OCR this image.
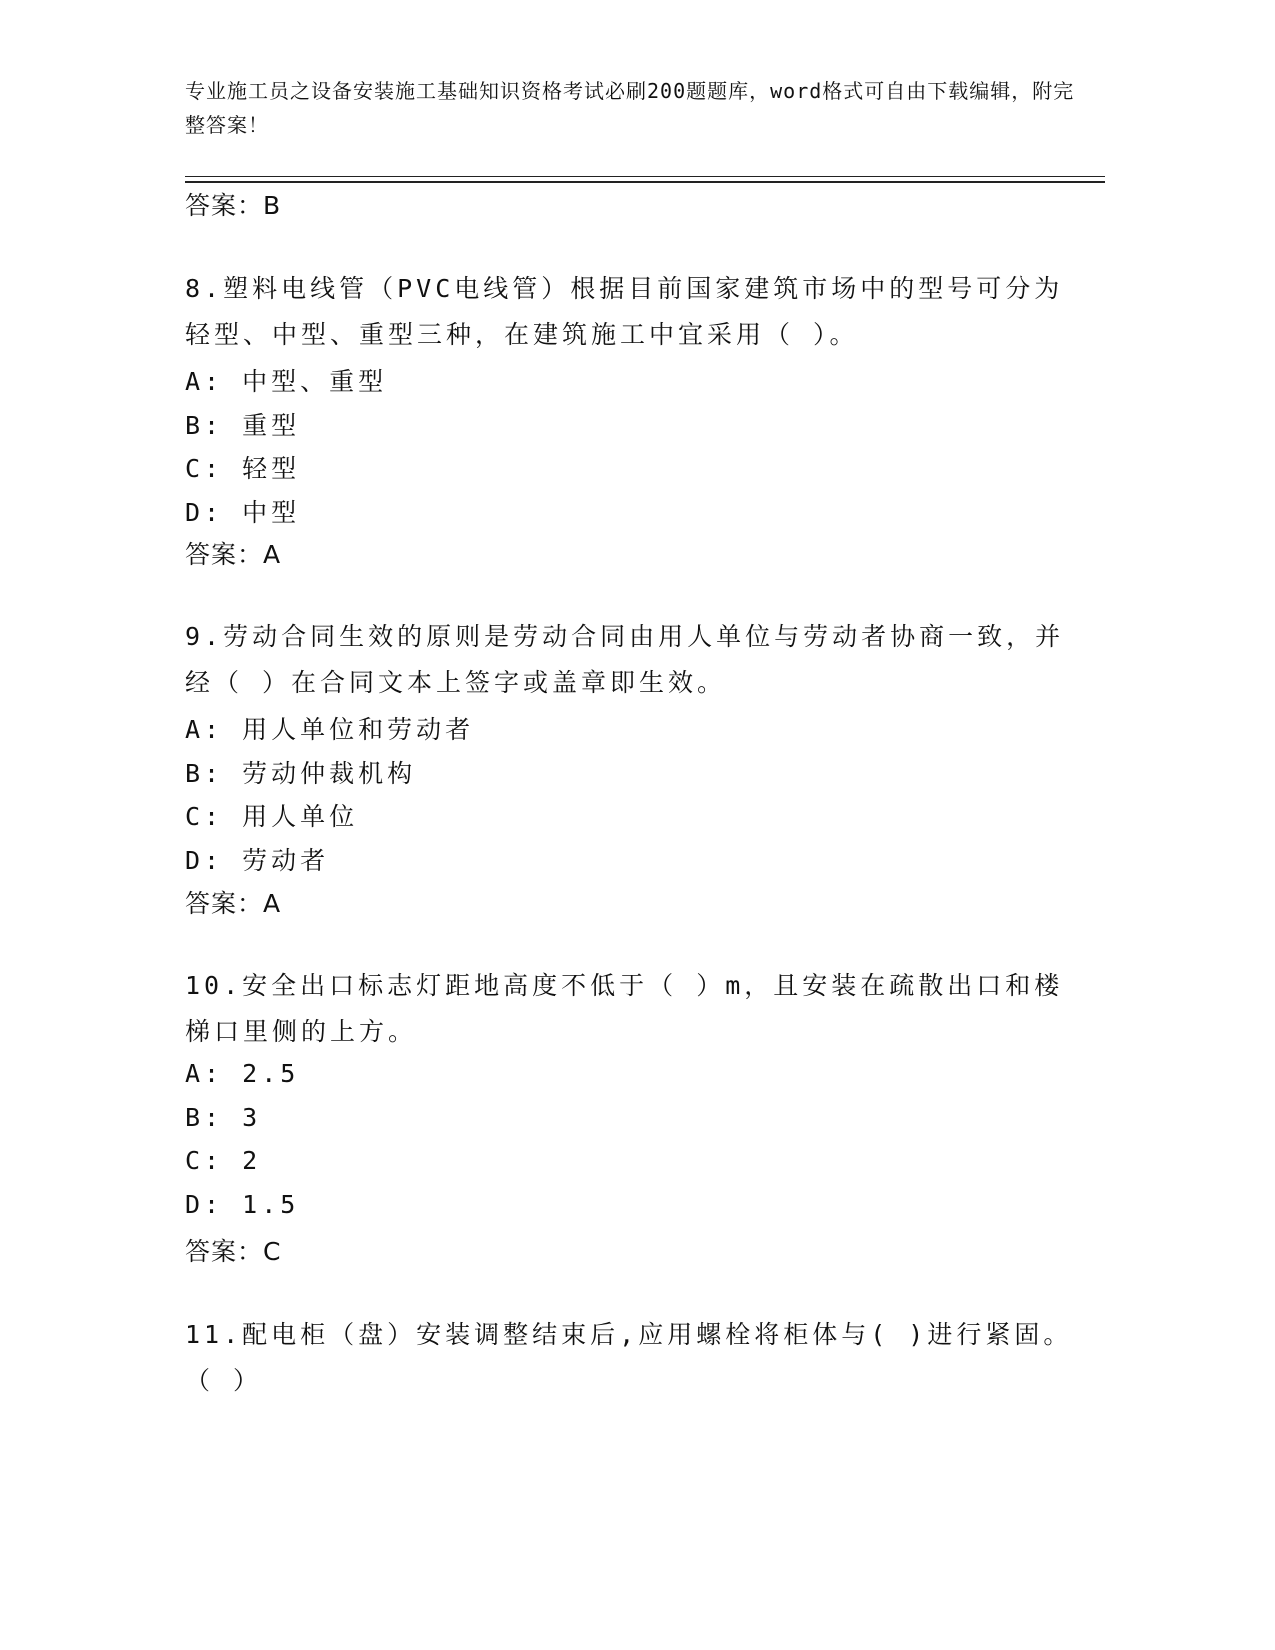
专业施工员之设备安装施工基础知识资格考试必刷200题题库，word格式可自由下载编辑，附完整答案！
答案：B
8.塑料电线管（PVC电线管）根据目前国家建筑市场中的型号可分为轻型、中型、重型三种，在建筑施工中宜采用（ ）。
A: 中型、重型
B: 重型
C: 轻型
D: 中型
答案：A
9.劳动合同生效的原则是劳动合同由用人单位与劳动者协商一致，并经（ ）在合同文本上签字或盖章即生效。
A: 用人单位和劳动者
B: 劳动仲裁机构
C: 用人单位
D: 劳动者
答案：A
10.安全出口标志灯距地高度不低于（ ）m，且安装在疏散出口和楼梯口里侧的上方。
A: 2.5
B: 3
C: 2
D: 1.5
答案：C
11.配电柜（盘）安装调整结束后,应用螺栓将柜体与( )进行紧固。（ ）
